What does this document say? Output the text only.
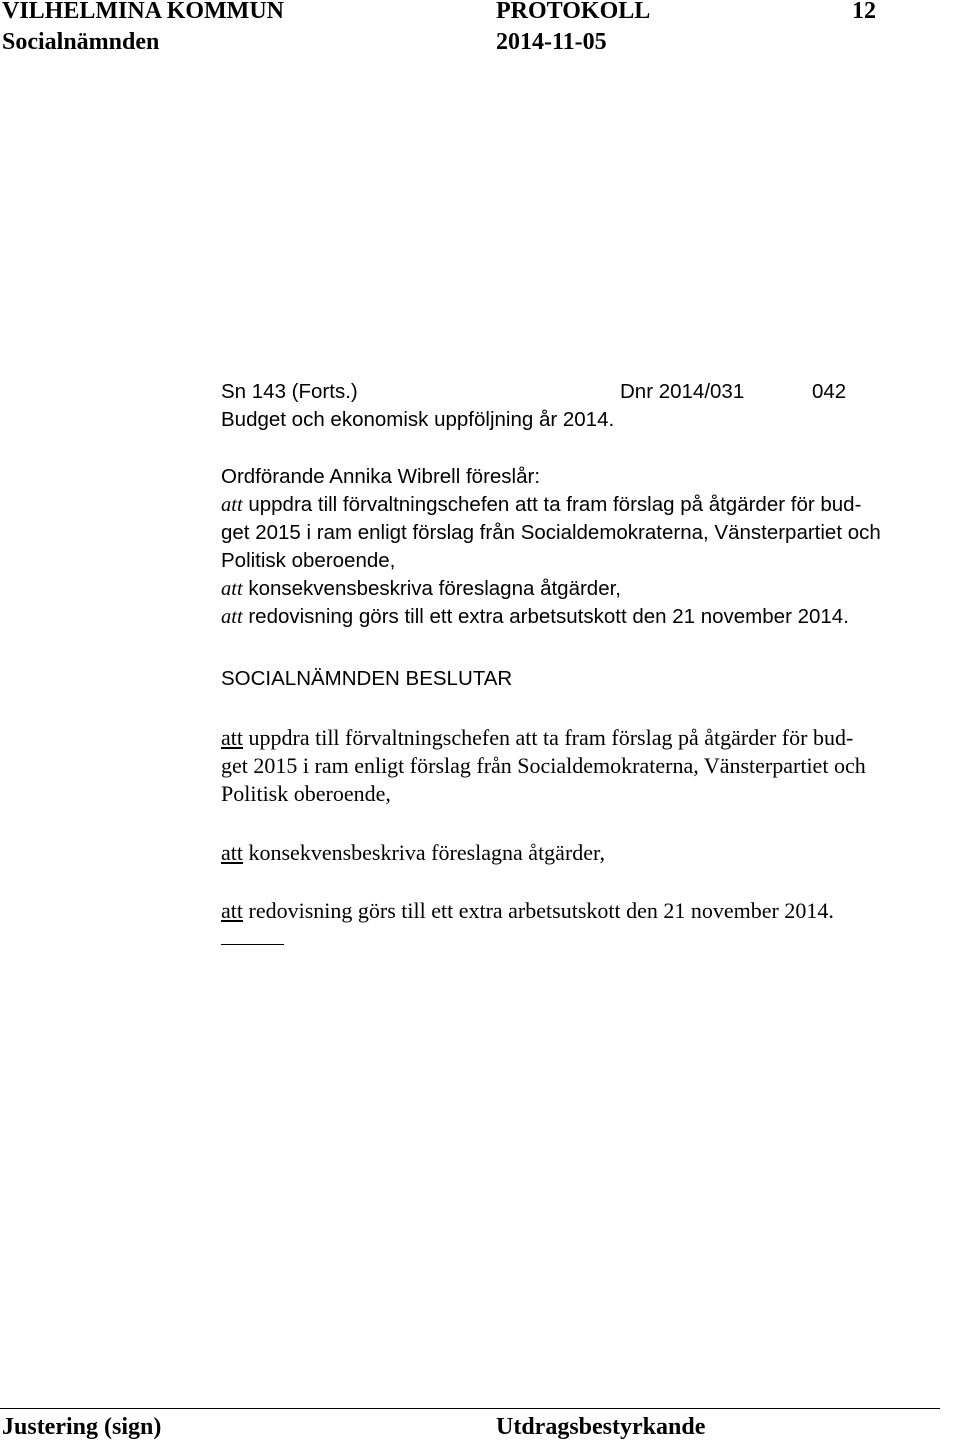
VILHELMINA KOMMUN	PROTOKOLL	12
Socialnämnden	2014-11-05
Sn 143 (Forts.)	Dnr 2014/031	042
Budget och ekonomisk uppföljning år 2014.
Ordförande Annika Wibrell föreslår:
att uppdra till förvaltningschefen att ta fram förslag på åtgärder för bud-
get 2015 i ram enligt förslag från Socialdemokraterna, Vänsterpartiet och
Politisk oberoende,
att konsekvensbeskriva föreslagna åtgärder,
att redovisning görs till ett extra arbetsutskott den 21 november 2014.
SOCIALNÄMNDEN BESLUTAR
att uppdra till förvaltningschefen att ta fram förslag på åtgärder för bud-
get 2015 i ram enligt förslag från Socialdemokraterna, Vänsterpartiet och
Politisk oberoende,
att konsekvensbeskriva föreslagna åtgärder,
att redovisning görs till ett extra arbetsutskott den 21 november 2014.
Justering (sign)	Utdragsbestyrkande
